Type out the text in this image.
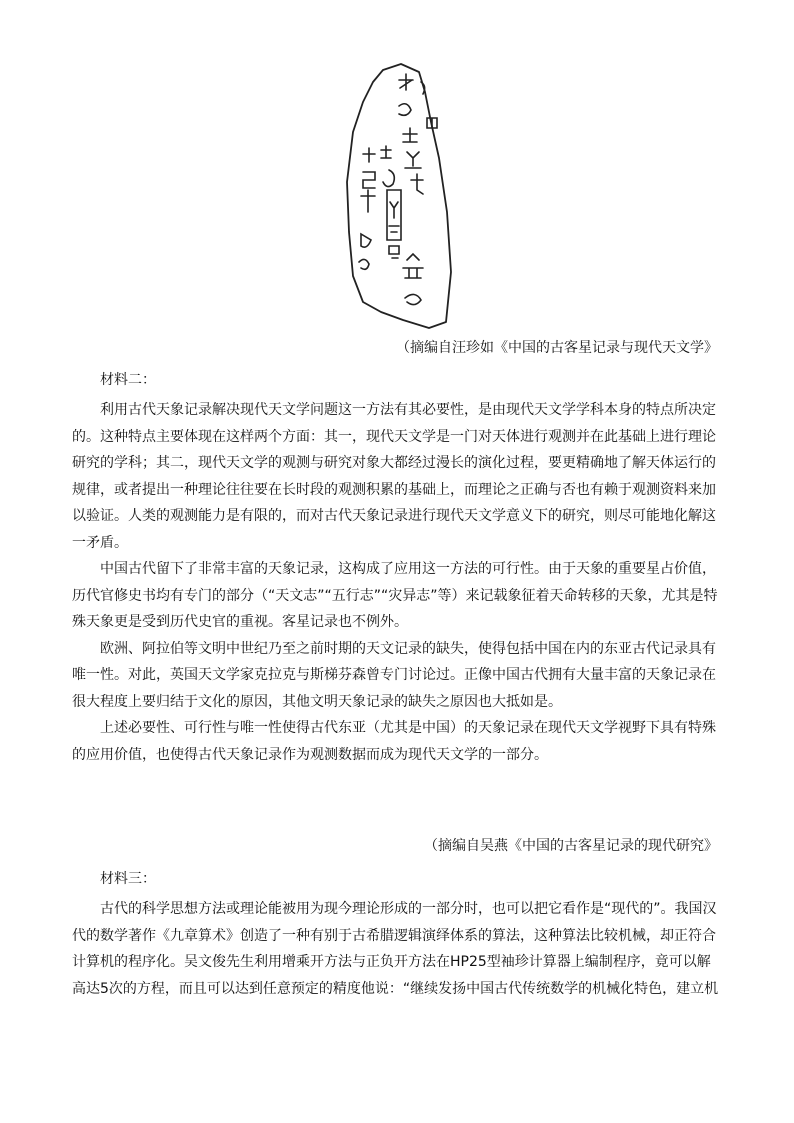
（摘编自汪珍如《中国的古客星记录与现代天文学》
材料二：

利用古代天象记录解决现代天文学问题这一方法有其必要性，是由现代天文学学科本身的特点所决定的。这种特点主要体现在这样两个方面：其一，现代天文学是一门对天体进行观测并在此基础上进行理论研究的学科；其二，现代天文学的观测与研究对象大都经过漫长的演化过程，要更精确地了解天体运行的规律，或者提出一种理论往往要在长时段的观测积累的基础上，而理论之正确与否也有赖于观测资料来加以验证。人类的观测能力是有限的，而对古代天象记录进行现代天文学意义下的研究，则尽可能地化解这一矛盾。

中国古代留下了非常丰富的天象记录，这构成了应用这一方法的可行性。由于天象的重要星占价值，历代官修史书均有专门的部分（“天文志”“五行志”“灾异志”等）来记载象征着天命转移的天象，尤其是特殊天象更是受到历代史官的重视。客星记录也不例外。

欧洲、阿拉伯等文明中世纪乃至之前时期的天文记录的缺失，使得包括中国在内的东亚古代记录具有唯一性。对此，英国天文学家克拉克与斯梯芬森曾专门讨论过。正像中国古代拥有大量丰富的天象记录在很大程度上要归结于文化的原因，其他文明天象记录的缺失之原因也大抵如是。

上述必要性、可行性与唯一性使得古代东亚（尤其是中国）的天象记录在现代天文学视野下具有特殊的应用价值，也使得古代天象记录作为观测数据而成为现代天文学的一部分。

（摘编自吴燕《中国的古客星记录的现代研究》
材料三：

古代的科学思想方法或理论能被用为现今理论形成的一部分时，也可以把它看作是“现代的”。我国汉代的数学著作《九章算术》创造了一种有别于古希腊逻辑演绎体系的算法，这种算法比较机械，却正符合计算机的程序化。吴文俊先生利用增乘开方法与正负开方法在HP25型袖珍计算器上编制程序，竟可以解高达5次的方程，而且可以达到任意预定的精度他说：“继续发扬中国古代传统数学的机械化特色，建立机
